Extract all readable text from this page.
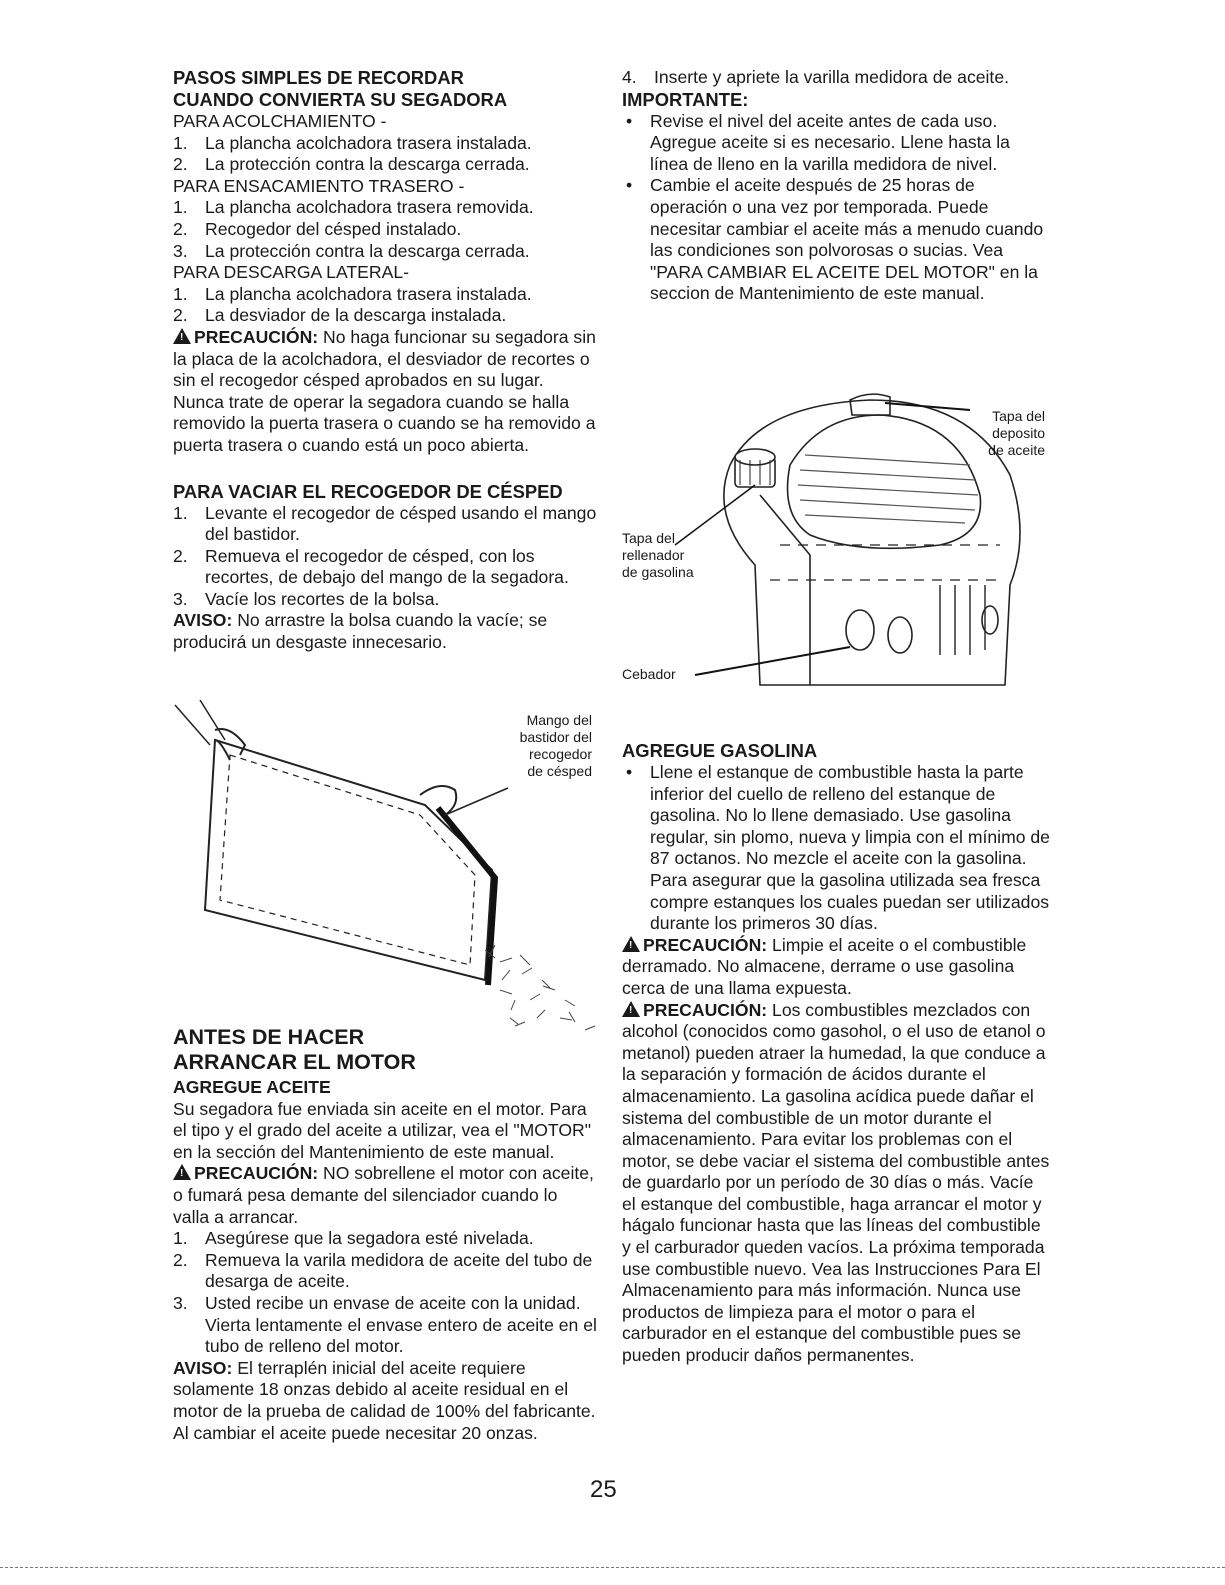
PASOS SIMPLES DE RECORDAR
CUANDO CONVIERTA SU SEGADORA

PARA ACOLCHAMIENTO -

1. La plancha acolchadora trasera instalada.
2. La protección contra la descarga cerrada.

PARA ENSACAMIENTO TRASERO -

1. La plancha acolchadora trasera removida.
2. Recogedor del césped instalado.
3. La protección contra la descarga cerrada.

PARA DESCARGA LATERAL-

1. La plancha acolchadora trasera instalada.
2. La desviador de la descarga instalada.

!PRECAUCIÓN: No haga funcionar su segadora sin la placa de la acolchadora, el desviador de recortes o sin el recogedor césped aprobados en su lugar. Nunca trate de operar la segadora cuando se halla removido la puerta trasera o cuando se ha removido a puerta trasera o cuando está un poco abierta.

PARA VACIAR EL RECOGEDOR DE CÉSPED
1. Levante el recogedor de césped usando el mango del bastidor.
2. Remueva el recogedor de césped, con los recortes, de debajo del mango de la segadora.
3. Vacíe los recortes de la bolsa.

AVISO: No arrastre la bolsa cuando la vacíe; se producirá un desgaste innecesario.

Mango del
bastidor del
recogedor
de césped
ANTES DE HACER
ARRANCAR EL MOTOR
AGREGUE ACEITE

Su segadora fue enviada sin aceite en el motor. Para el tipo y el grado del aceite a utilizar, vea el "MOTOR" en la sección del Mantenimiento de este manual.

!PRECAUCIÓN: NO sobrellene el motor con aceite, o fumará pesa demante del silenciador cuando lo valla a arrancar.

1. Asegúrese que la segadora esté nivelada.
2. Remueva la varila medidora de aceite del tubo de desarga de aceite.
3. Usted recibe un envase de aceite con la unidad. Vierta lentamente el envase entero de aceite en el tubo de relleno del motor.

AVISO: El terraplén inicial del aceite requiere solamente 18 onzas debido al aceite residual en el motor de la prueba de calidad de 100% del fabricante. Al cambiar el aceite puede necesitar 20 onzas.

4. Inserte y apriete la varilla medidora de aceite.
IMPORTANTE:
•	Revise el nivel del aceite antes de cada uso. Agregue aceite si es necesario. Llene hasta la línea de lleno en la varilla medidora de nivel.
•	Cambie el aceite después de 25 horas de operación o una vez por temporada. Puede necesitar cambiar el aceite más a menudo cuando las condiciones son polvorosas o sucias. Vea "PARA CAMBIAR EL ACEITE DEL MOTOR" en la seccion de Mantenimiento de este manual.
Tapa del
deposito
de aceite
Tapa del
rellenador
de gasolina
Cebador
AGREGUE GASOLINA
•	Llene el estanque de combustible hasta la parte inferior del cuello de relleno del estanque de gasolina. No lo llene demasiado. Use gasolina regular, sin plomo, nueva y limpia con el mínimo de 87 octanos. No mezcle el aceite con la gasolina. Para asegurar que la gasolina utilizada sea fresca compre estanques los cuales puedan ser utilizados durante los primeros 30 días.

!PRECAUCIÓN: Limpie el aceite o el combustible derramado. No almacene, derrame o use gasolina cerca de una llama expuesta.

!PRECAUCIÓN: Los combustibles mezclados con alcohol (conocidos como gasohol, o el uso de etanol o metanol) pueden atraer la humedad, la que conduce a la separación y formación de ácidos durante el almacenamiento. La gasolina acídica puede dañar el sistema del combustible de un motor durante el almacenamiento. Para evitar los problemas con el motor, se debe vaciar el sistema del combustible antes de guardarlo por un período de 30 días o más. Vacíe el estanque del combustible, haga arrancar el motor y hágalo funcionar hasta que las líneas del combustible y el carburador queden vacíos. La próxima temporada use combustible nuevo. Vea las Instrucciones Para El Almacenamiento para más información. Nunca use productos de limpieza para el motor o para el carburador en el estanque del combustible pues se pueden producir daños permanentes.

25
